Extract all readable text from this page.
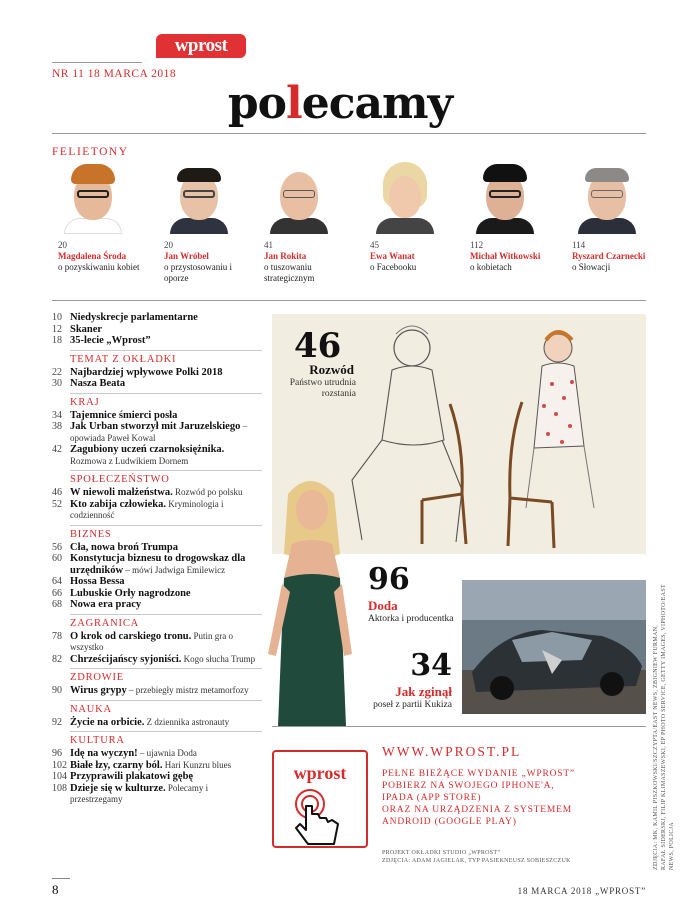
wprost
NR 11 18 MARCA 2018
polecamy
FELIETONY
20
Magdalena Środa
o pozyskiwaniu kobiet
20
Jan Wróbel
o przystosowaniu i oporze
41
Jan Rokita
o tuszowaniu strategicznym
45
Ewa Wanat
o Facebooku
112
Michał Witkowski
o kobietach
114
Ryszard Czarnecki
o Słowacji
10 Niedyskrecje parlamentarne
12 Skaner
18 35-lecie „Wprost”
TEMAT Z OKŁADKI
22 Najbardziej wpływowe Polki 2018
30 Nasza Beata
KRAJ
34 Tajemnice śmierci posła
38 Jak Urban stworzył mit Jaruzelskiego – opowiada Paweł Kowal
42 Zagubiony uczeń czarnoksiężnika. Rozmowa z Ludwikiem Dornem
SPOŁECZEŃSTWO
46 W niewoli małżeństwa. Rozwód po polsku
52 Kto zabija człowieka. Kryminologia i codzienność
BIZNES
56 Cła, nowa broń Trumpa
60 Konstytucja biznesu to drogowskaz dla urzędników – mówi Jadwiga Emilewicz
64 Hossa Bessa
66 Lubuskie Orły nagrodzone
68 Nowa era pracy
ZAGRANICA
78 O krok od carskiego tronu. Putin gra o wszystko
82 Chrześcijańscy syjoniści. Kogo słucha Trump
ZDROWIE
90 Wirus grypy – przebiegły mistrz metamorfozy
NAUKA
92 Życie na orbicie. Z dziennika astronauty
KULTURA
96 Idę na wyczyn! – ujawnia Doda
102 Białe łzy, czarny ból. Hari Kunzru blues
104 Przyprawili plakatowi gębę
108 Dzieje się w kulturze. Polecamy i przestrzegamy
46
Rozwód
Państwo utrudnia rozstania
96
Doda
Aktorka i producentka
34
Jak zginął
poseł z partii Kukiza
wprost
WWW.WPROST.PL
PEŁNE BIEŻĄCE WYDANIE „WPROST”
POBIERZ NA SWOJEGO IPHONE'A,
IPADA (APP STORE)
ORAZ NA URZĄDZENIA Z SYSTEMEM
ANDROID (GOOGLE PLAY)
PROJEKT OKŁADKI STUDIO „WPROST”
ZDJĘCIA: ADAM JAGIELAK, TYP PASIEKNEUSZ SOBIESZCZUK	ZDJĘCIA: MK, KAMIL PISZKOWSKI/SZCZYPTA/EAST NEWS, ZBIGNIEW FURMAN, RAFAŁ SIDERSKI, FILIP KLIMASZEWSKI, EP PHOTO SERVICE, GETTY IMAGES, VIPHOTO/EAST NEWS, POLICJA
8	18 MARCA 2018 „WPROST”
